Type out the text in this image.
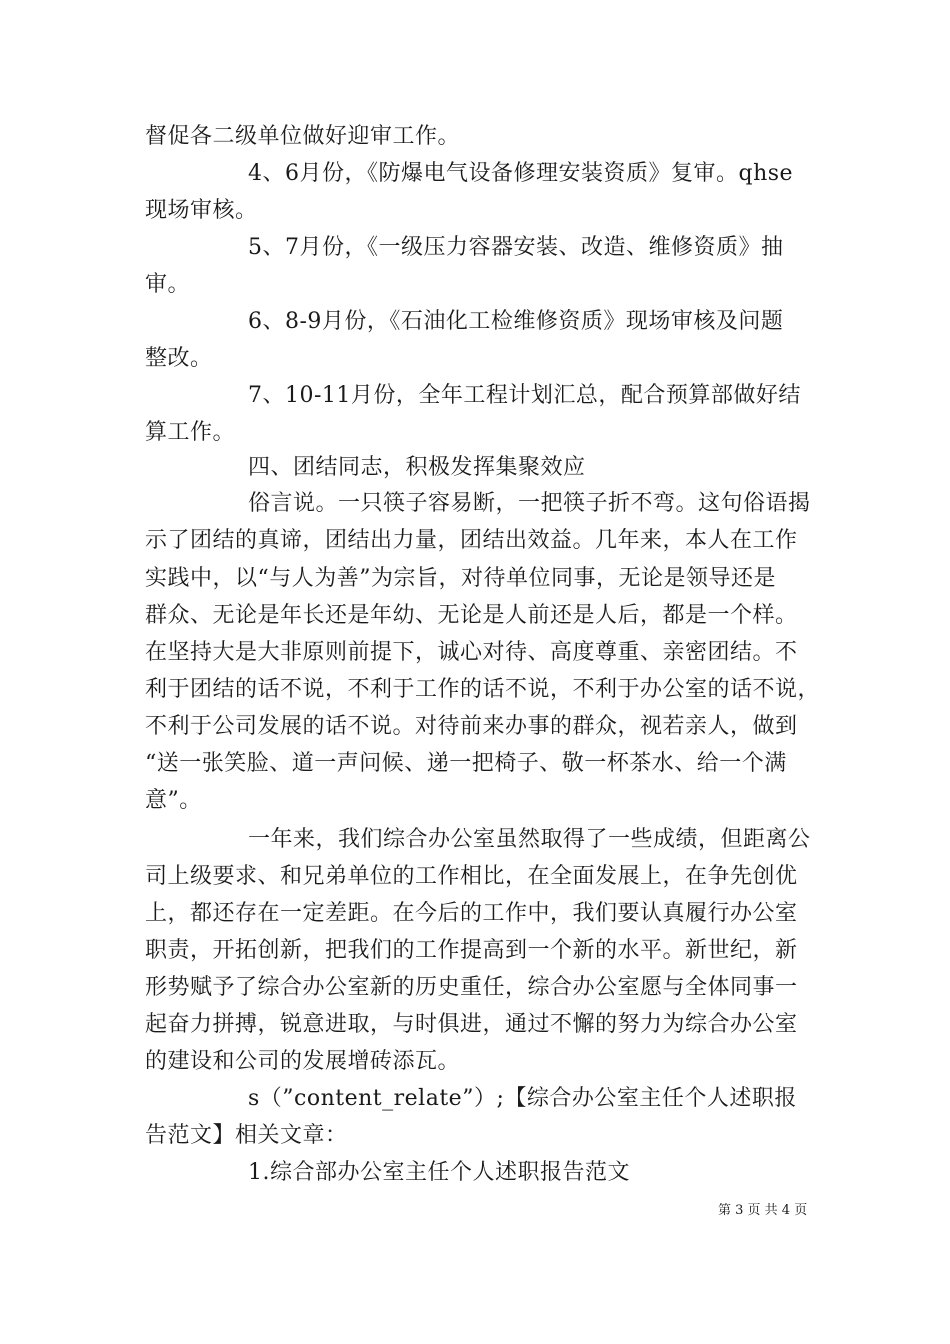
督促各二级单位做好迎审工作。
4、6月份，《防爆电气设备修理安装资质》复审。qhse
现场审核。
5、7月份，《一级压力容器安装、改造、维修资质》抽
审。
6、8-9月份，《石油化工检维修资质》现场审核及问题
整改。
7、10-11月份，全年工程计划汇总，配合预算部做好结
算工作。
四、团结同志，积极发挥集聚效应
俗言说。一只筷子容易断，一把筷子折不弯。这句俗语揭
示了团结的真谛，团结出力量，团结出效益。几年来，本人在工作
实践中，以“与人为善”为宗旨，对待单位同事，无论是领导还是
群众、无论是年长还是年幼、无论是人前还是人后，都是一个样。
在坚持大是大非原则前提下，诚心对待、高度尊重、亲密团结。不
利于团结的话不说，不利于工作的话不说，不利于办公室的话不说，
不利于公司发展的话不说。对待前来办事的群众，视若亲人，做到
“送一张笑脸、道一声问候、递一把椅子、敬一杯茶水、给一个满
意”。
一年来，我们综合办公室虽然取得了一些成绩，但距离公
司上级要求、和兄弟单位的工作相比，在全面发展上，在争先创优
上，都还存在一定差距。在今后的工作中，我们要认真履行办公室
职责，开拓创新，把我们的工作提高到一个新的水平。新世纪，新
形势赋予了综合办公室新的历史重任，综合办公室愿与全体同事一
起奋力拼搏，锐意进取，与时俱进，通过不懈的努力为综合办公室
的建设和公司的发展增砖添瓦。
s（”content_relate”）;【综合办公室主任个人述职报
告范文】相关文章：
1.综合部办公室主任个人述职报告范文
第 3 页 共 4 页
